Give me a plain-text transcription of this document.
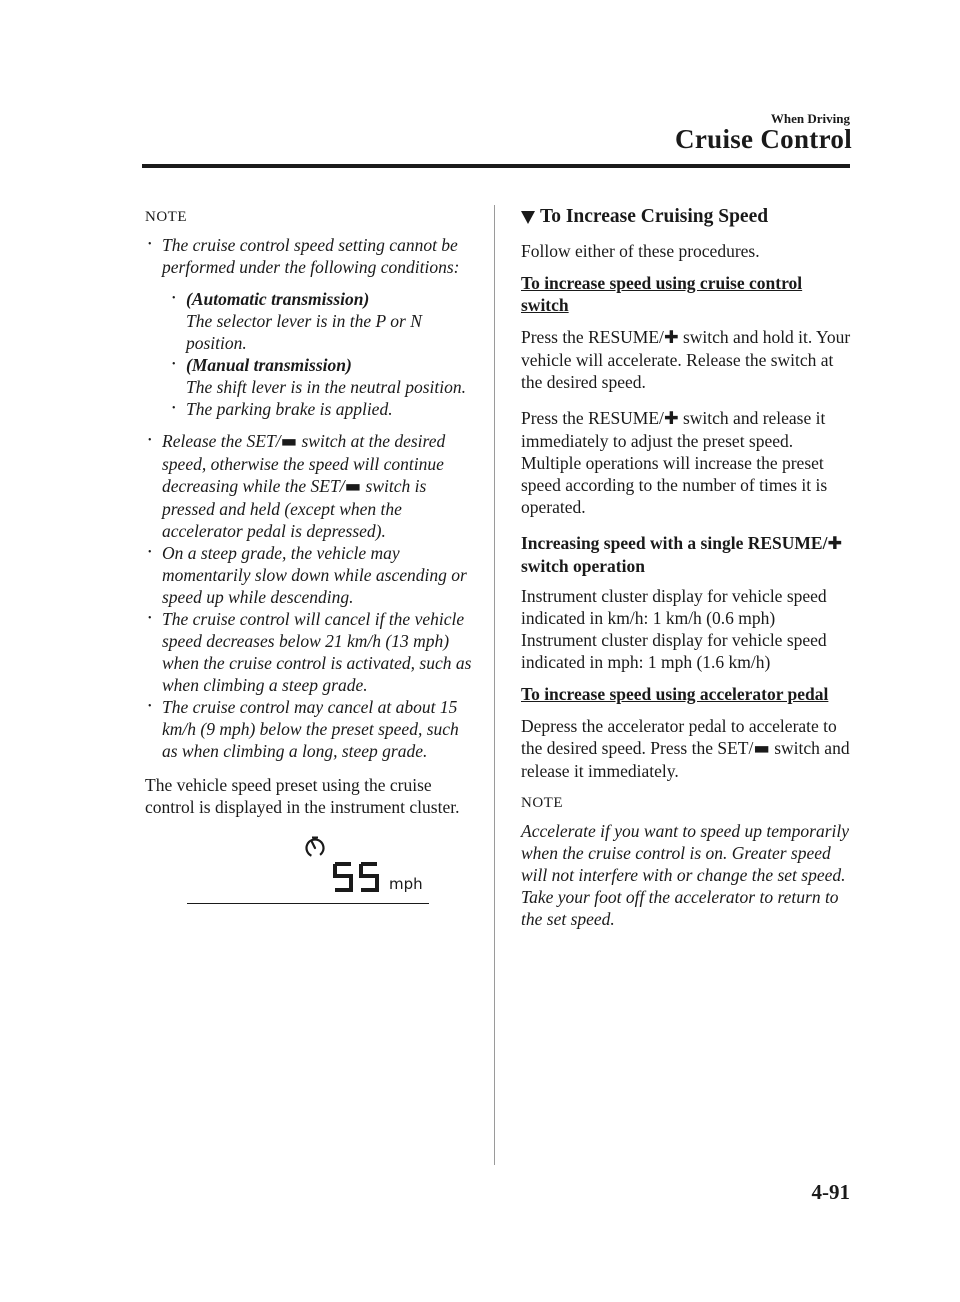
When Driving
Cruise Control
NOTE
• The cruise control speed setting cannot be performed under the following conditions:
• (Automatic transmission)
The selector lever is in the P or N position.
• (Manual transmission)
The shift lever is in the neutral position.
• The parking brake is applied.
• Release the SET/▬ switch at the desired speed, otherwise the speed will continue decreasing while the SET/▬ switch is pressed and held (except when the accelerator pedal is depressed).
• On a steep grade, the vehicle may momentarily slow down while ascending or speed up while descending.
• The cruise control will cancel if the vehicle speed decreases below 21 km/h (13 mph) when the cruise control is activated, such as when climbing a steep grade.
• The cruise control may cancel at about 15 km/h (9 mph) below the preset speed, such as when climbing a long, steep grade.
The vehicle speed preset using the cruise control is displayed in the instrument cluster.
55
mph
To Increase Cruising Speed

Follow either of these procedures.

To increase speed using cruise control switch

Press the RESUME/✚ switch and hold it. Your vehicle will accelerate. Release the switch at the desired speed.

Press the RESUME/✚ switch and release it immediately to adjust the preset speed. Multiple operations will increase the preset speed according to the number of times it is operated.

Increasing speed with a single RESUME/✚ switch operation

Instrument cluster display for vehicle speed indicated in km/h: 1 km/h (0.6 mph)

Instrument cluster display for vehicle speed indicated in mph: 1 mph (1.6 km/h)

To increase speed using accelerator pedal

Depress the accelerator pedal to accelerate to the desired speed. Press the SET/▬ switch and release it immediately.

NOTE

Accelerate if you want to speed up temporarily when the cruise control is on. Greater speed will not interfere with or change the set speed. Take your foot off the accelerator to return to the set speed.

4-91
